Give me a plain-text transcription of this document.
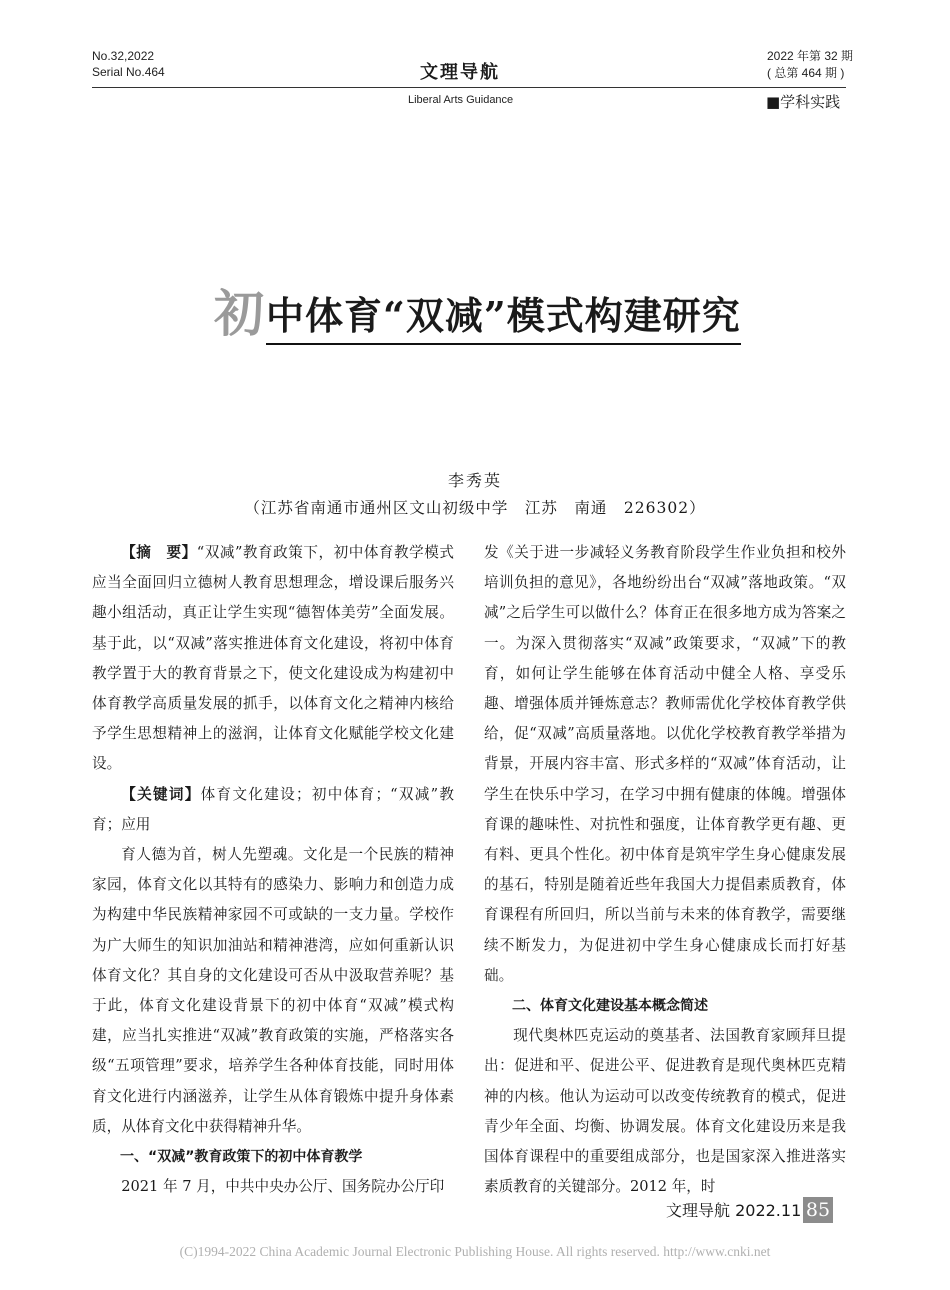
No.32,2022
Serial No.464	文理导航
Liberal Arts Guidance
2022 年第 32 期
( 总第 464 期 )
■学科实践
初 中体育“双减”模式构建研究
李秀英
（江苏省南通市通州区文山初级中学　江苏　南通　226302）

【摘　要】“双减”教育政策下，初中体育教学模式应当全面回归立德树人教育思想理念，增设课后服务兴趣小组活动，真正让学生实现“德智体美劳”全面发展。基于此，以“双减”落实推进体育文化建设，将初中体育教学置于大的教育背景之下，使文化建设成为构建初中体育教学高质量发展的抓手，以体育文化之精神内核给予学生思想精神上的滋润，让体育文化赋能学校文化建设。

【关键词】体育文化建设；初中体育；“双减”教育；应用

育人德为首，树人先塑魂。文化是一个民族的精神家园，体育文化以其特有的感染力、影响力和创造力成为构建中华民族精神家园不可或缺的一支力量。学校作为广大师生的知识加油站和精神港湾，应如何重新认识体育文化？其自身的文化建设可否从中汲取营养呢？基于此，体育文化建设背景下的初中体育“双减”模式构建，应当扎实推进“双减”教育政策的实施，严格落实各级“五项管理”要求，培养学生各种体育技能，同时用体育文化进行内涵滋养，让学生从体育锻炼中提升身体素质，从体育文化中获得精神升华。

一、“双减”教育政策下的初中体育教学

2021 年 7 月，中共中央办公厅、国务院办公厅印

发《关于进一步减轻义务教育阶段学生作业负担和校外培训负担的意见》，各地纷纷出台“双减”落地政策。“双减”之后学生可以做什么？体育正在很多地方成为答案之一。为深入贯彻落实“双减”政策要求，“双减”下的教育，如何让学生能够在体育活动中健全人格、享受乐趣、增强体质并锤炼意志？教师需优化学校体育教学供给，促“双减”高质量落地。以优化学校教育教学举措为背景，开展内容丰富、形式多样的“双减”体育活动，让学生在快乐中学习，在学习中拥有健康的体魄。增强体育课的趣味性、对抗性和强度，让体育教学更有趣、更有料、更具个性化。初中体育是筑牢学生身心健康发展的基石，特别是随着近些年我国大力提倡素质教育，体育课程有所回归，所以当前与未来的体育教学，需要继续不断发力，为促进初中学生身心健康成长而打好基础。

二、体育文化建设基本概念简述

现代奥林匹克运动的奠基者、法国教育家顾拜旦提出：促进和平、促进公平、促进教育是现代奥林匹克精神的内核。他认为运动可以改变传统教育的模式，促进青少年全面、均衡、协调发展。体育文化建设历来是我国体育课程中的重要组成部分，也是国家深入推进落实素质教育的关键部分。2012 年，时

文理导航 2022.11 85
(C)1994-2022 China Academic Journal Electronic Publishing House. All rights reserved. http://www.cnki.net
